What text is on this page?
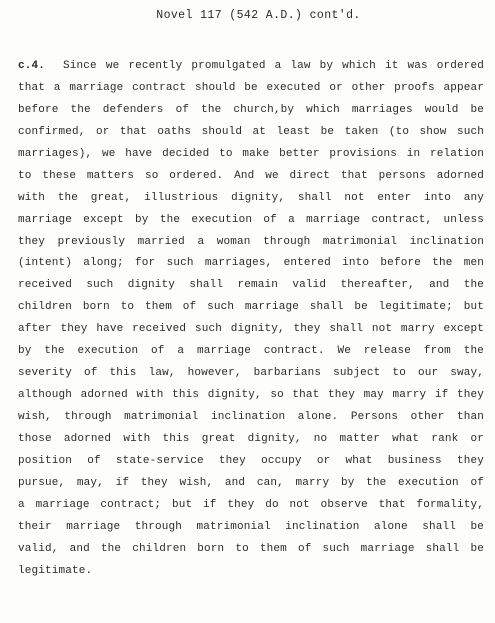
Novel 117 (542 A.D.) cont'd.
c.4. Since we recently promulgated a law by which it was ordered
that a marriage contract should be executed or other proofs appear
before the defenders of the church,by which marriages would be
confirmed, or that oaths should at least be taken (to show such
marriages), we have decided to make better provisions in relation
to these matters so ordered. And we direct that persons adorned
with the great, illustrious dignity, shall not enter into any
marriage except by the execution of a marriage contract, unless
they previously married a woman through matrimonial inclination
(intent) along; for such marriages, entered into before the men
received such dignity shall remain valid thereafter, and the
children born to them of such marriage shall be legitimate; but
after they have received such dignity, they shall not marry except
by the execution of a marriage contract. We release from the
severity of this law, however, barbarians subject to our sway,
although adorned with this dignity, so that they may marry if they
wish, through matrimonial inclination alone. Persons other than
those adorned with this great dignity, no matter what rank or
position of state-service they occupy or what business they
pursue, may, if they wish, and can, marry by the execution of
a marriage contract; but if they do not observe that formality,
their marriage through matrimonial inclination alone shall be
valid, and the children born to them of such marriage shall be
legitimate.
